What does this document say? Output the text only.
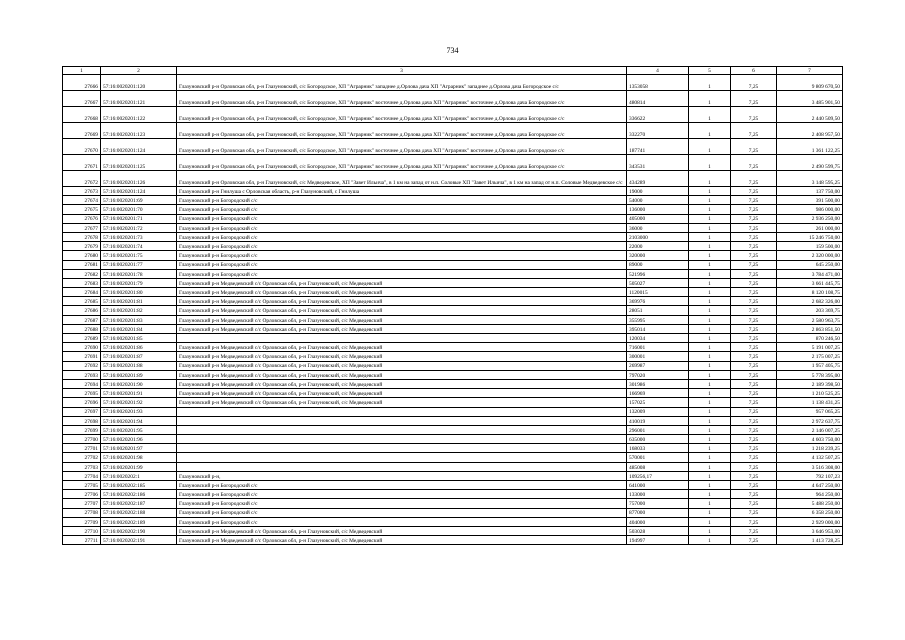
734
1	2	3	4	5	6	7
27666	57:16:0020201:120	Глазуновский р-н Орловская обл, р-н Глазуновский, с/с Богородское, ХП "Аграрник" западнее д.Орлова дача ХП "Аграрник" западнее д.Орлова дача Богородское с/с	1353058	1	7,25	9 809 670,50
27667	57:16:0020201:121	Глазуновский р-н Орловская обл, р-н Глазуновский, с/с Богородское, ХП "Аграрник" восточнее д.Орлова дача ХП "Аграрник" восточнее д.Орлова дача Богородское с/с	480814	1	7,25	3 485 901,50
27668	57:16:0020201:122	Глазуновский р-н Орловская обл, р-н Глазуновский, с/с Богородское, ХП "Аграрник" восточнее д.Орлова дача ХП "Аграрник" восточнее д.Орлова дача Богородское с/с	336622	1	7,25	2 440 509,50
27669	57:16:0020201:123	Глазуновский р-н Орловская обл, р-н Глазуновский, с/с Богородское, ХП "Аграрник" восточнее д.Орлова дача ХП "Аграрник" восточнее д.Орлова дача Богородское с/с	332270	1	7,25	2 408 957,50
27670	57:16:0020201:124	Глазуновский р-н Орловская обл, р-н Глазуновский, с/с Богородское, ХП "Аграрник" восточнее д.Орлова дача ХП "Аграрник" восточнее д.Орлова дача Богородское с/с	187741	1	7,25	1 361 122,25
27671	57:16:0020201:125	Глазуновский р-н Орловская обл, р-н Глазуновский, с/с Богородское, ХП "Аграрник" восточнее д.Орлова дача ХП "Аграрник" восточнее д.Орлова дача Богородское с/с	343531	1	7,25	2 490 599,75
27672	57:16:0020201:126	Глазуновский р-н Орловская обл, р-н Глазуновский, с/с Медведевское, ХП "Завет Ильича", в 1 км на запад от н.п. Соловые ХП "Завет Ильича", в 1 км на запад от н.п. Соловые Медведевское с/с	434289	1	7,25	3 148 595,25
27673	57:16:0020201:124	Глазуновский р-н Гнилуша с Орловская область, р-н Глазуновский, с Гнилуша	19000	1	7,25	137 750,00
27674	57:16:0020201:69	Глазуновский р-н Богородский с/с	54000	1	7,25	391 500,00
27675	57:16:0020201:70	Глазуновский р-н Богородский с/с	136000	1	7,25	986 000,00
27676	57:16:0020201:71	Глазуновский р-н Богородский с/с	405000	1	7,25	2 936 250,00
27677	57:16:0020201:72	Глазуновский р-н Богородский с/с	36000	1	7,25	261 000,00
27678	57:16:0020201:73	Глазуновский р-н Богородский с/с	2103000	1	7,25	15 246 750,00
27679	57:16:0020201:74	Глазуновский р-н Богородский с/с	22000	1	7,25	159 500,00
27680	57:16:0020201:75	Глазуновский р-н Богородский с/с	320000	1	7,25	2 320 000,00
27681	57:16:0020201:77	Глазуновский р-н Богородский с/с	89000	1	7,25	645 250,00
27682	57:16:0020201:78	Глазуновский р-н Богородский с/с	521996	1	7,25	3 784 471,00
27683	57:16:0020201:79	Глазуновский р-н Медведевский с/с Орловская обл, р-н Глазуновский, с/с Медведевский	505027	1	7,25	3 661 445,75
27684	57:16:0020201:80	Глазуновский р-н Медведевский с/с Орловская обл, р-н Глазуновский, с/с Медведевский	1120015	1	7,25	8 120 108,75
27685	57:16:0020201:81	Глазуновский р-н Медведевский с/с Орловская обл, р-н Глазуновский, с/с Медведевский	369976	1	7,25	2 682 326,00
27686	57:16:0020201:82	Глазуновский р-н Медведевский с/с Орловская обл, р-н Глазуновский, с/с Медведевский	28051	1	7,25	203 369,75
27687	57:16:0020201:83	Глазуновский р-н Медведевский с/с Орловская обл, р-н Глазуновский, с/с Медведевский	355995	1	7,25	2 580 963,75
27688	57:16:0020201:84	Глазуновский р-н Медведевский с/с Орловская обл, р-н Глазуновский, с/с Медведевский	395014	1	7,25	2 863 851,50
27689	57:16:0020201:85		120034	1	7,25	870 246,50
27690	57:16:0020201:86	Глазуновский р-н Медведевский с/с Орловская обл, р-н Глазуновский, с/с Медведевский	716001	1	7,25	5 191 007,25
27691	57:16:0020201:87	Глазуновский р-н Медведевский с/с Орловская обл, р-н Глазуновский, с/с Медведевский	300001	1	7,25	2 175 007,25
27692	57:16:0020201:88	Глазуновский р-н Медведевский с/с Орловская обл, р-н Глазуновский, с/с Медведевский	269987	1	7,25	1 957 405,75
27693	57:16:0020201:89	Глазуновский р-н Медведевский с/с Орловская обл, р-н Глазуновский, с/с Медведевский	797020	1	7,25	5 778 395,00
27694	57:16:0020201:90	Глазуновский р-н Медведевский с/с Орловская обл, р-н Глазуновский, с/с Медведевский	301986	1	7,25	2 189 398,50
27695	57:16:0020201:91	Глазуновский р-н Медведевский с/с Орловская обл, р-н Глазуновский, с/с Медведевский	166969	1	7,25	1 210 525,25
27696	57:16:0020201:92	Глазуновский р-н Медведевский с/с Орловская обл, р-н Глазуновский, с/с Медведевский	157025	1	7,25	1 138 431,25
27697	57:16:0020201:93		132009	1	7,25	957 065,25
27698	57:16:0020201:94		410019	1	7,25	2 972 637,75
27699	57:16:0020201:95		296001	1	7,25	2 146 007,25
27700	57:16:0020201:96		635000	1	7,25	4 603 750,00
27701	57:16:0020201:97		168033	1	7,25	1 218 239,25
27702	57:16:0020201:98		570001	1	7,25	4 132 507,25
27703	57:16:0020201:99		485008	1	7,25	3 516 308,00
27704	57:16:0020202:1	Глазуновский р-н,	109256,17	1	7,25	792 107,23
27705	57:16:0020202:185	Глазуновский р-н Богородский с/с	641000	1	7,25	4 647 250,00
27706	57:16:0020202:186	Глазуновский р-н Богородский с/с	133000	1	7,25	964 250,00
27707	57:16:0020202:187	Глазуновский р-н Богородский с/с	757000	1	7,25	5 488 250,00
27708	57:16:0020202:188	Глазуновский р-н Богородский с/с	877000	1	7,25	6 358 250,00
27709	57:16:0020202:189	Глазуновский р-н Богородский с/с	404000	1	7,25	2 929 000,00
27710	57:16:0020202:190	Глазуновский р-н Медведевский с/с Орловская обл, р-н Глазуновский, с/с Медведевский	503028	1	7,25	3 646 953,00
27711	57:16:0020202:191	Глазуновский р-н Медведевский с/с Орловская обл, р-н Глазуновский, с/с Медведевский	194997	1	7,25	1 413 728,25
